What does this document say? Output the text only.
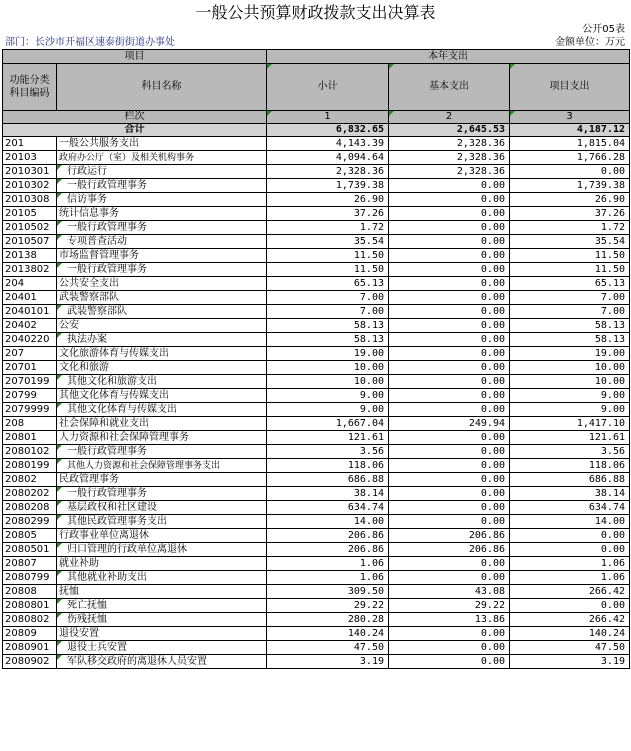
一般公共预算财政拨款支出决算表
公开05表
部门：长沙市开福区速泰街街道办事处	金额单位：万元
项目		本年支出		
功能分类
科目编码	科目名称	小计	基本支出	项目支出
栏次		1	2	3
合计		6,832.65	2,645.53	4,187.12
201	一般公共服务支出	4,143.39	2,328.36	1,815.04
20103	政府办公厅（室）及相关机构事务	4,094.64	2,328.36	1,766.28
2010301	行政运行	2,328.36	2,328.36	0.00
2010302	一般行政管理事务	1,739.38	0.00	1,739.38
2010308	信访事务	26.90	0.00	26.90
20105	统计信息事务	37.26	0.00	37.26
2010502	一般行政管理事务	1.72	0.00	1.72
2010507	专项普查活动	35.54	0.00	35.54
20138	市场监督管理事务	11.50	0.00	11.50
2013802	一般行政管理事务	11.50	0.00	11.50
204	公共安全支出	65.13	0.00	65.13
20401	武装警察部队	7.00	0.00	7.00
2040101	武装警察部队	7.00	0.00	7.00
20402	公安	58.13	0.00	58.13
2040220	执法办案	58.13	0.00	58.13
207	文化旅游体育与传媒支出	19.00	0.00	19.00
20701	文化和旅游	10.00	0.00	10.00
2070199	其他文化和旅游支出	10.00	0.00	10.00
20799	其他文化体育与传媒支出	9.00	0.00	9.00
2079999	其他文化体育与传媒支出	9.00	0.00	9.00
208	社会保障和就业支出	1,667.04	249.94	1,417.10
20801	人力资源和社会保障管理事务	121.61	0.00	121.61
2080102	一般行政管理事务	3.56	0.00	3.56
2080199	其他人力资源和社会保障管理事务支出	118.06	0.00	118.06
20802	民政管理事务	686.88	0.00	686.88
2080202	一般行政管理事务	38.14	0.00	38.14
2080208	基层政权和社区建设	634.74	0.00	634.74
2080299	其他民政管理事务支出	14.00	0.00	14.00
20805	行政事业单位离退休	206.86	206.86	0.00
2080501	归口管理的行政单位离退休	206.86	206.86	0.00
20807	就业补助	1.06	0.00	1.06
2080799	其他就业补助支出	1.06	0.00	1.06
20808	抚恤	309.50	43.08	266.42
2080801	死亡抚恤	29.22	29.22	0.00
2080802	伤残抚恤	280.28	13.86	266.42
20809	退役安置	140.24	0.00	140.24
2080901	退役士兵安置	47.50	0.00	47.50
2080902	军队移交政府的离退休人员安置	3.19	0.00	3.19
